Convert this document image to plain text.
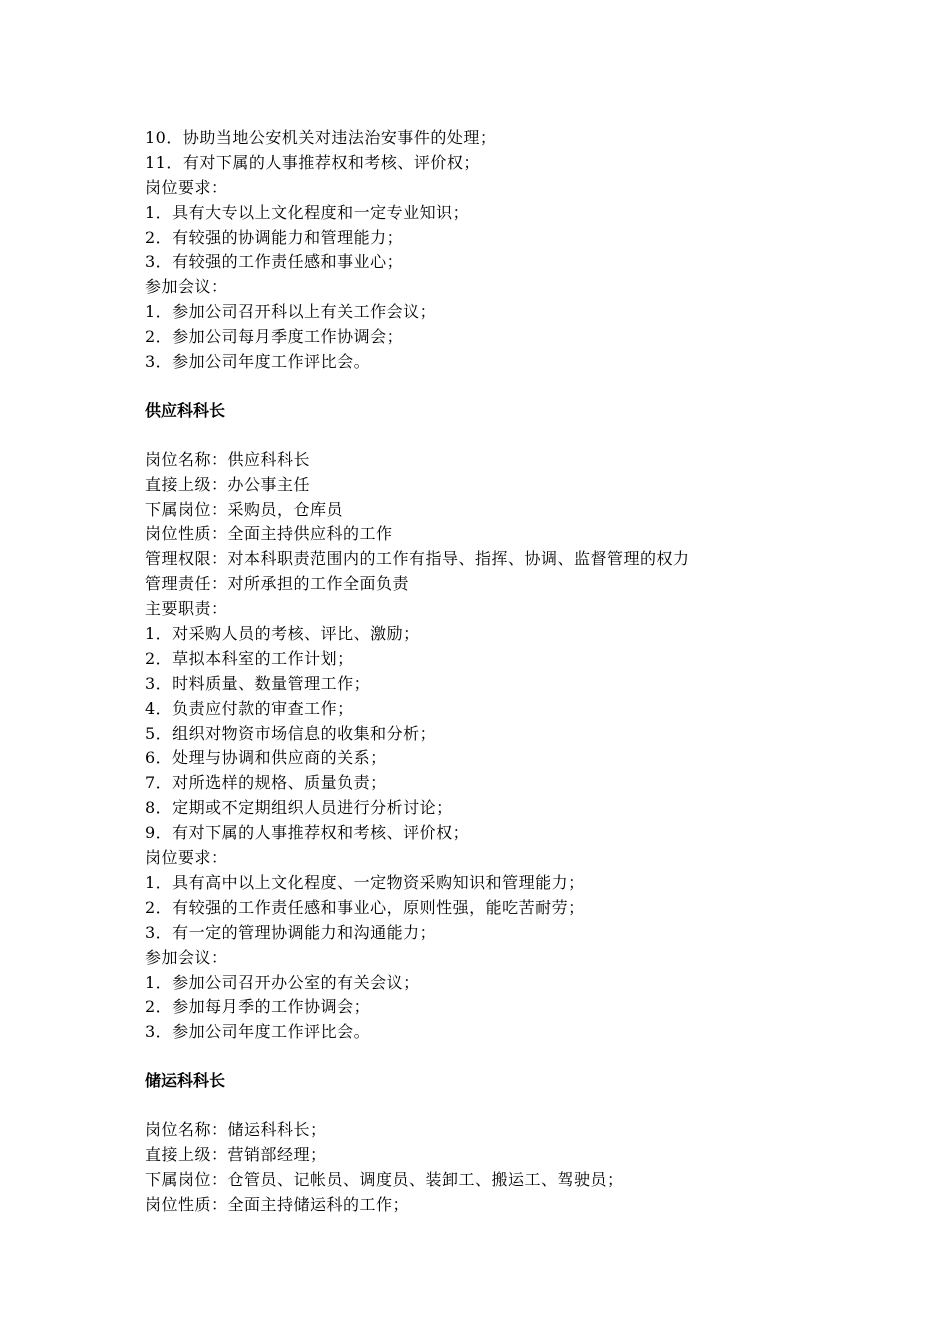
10．协助当地公安机关对违法治安事件的处理；
11．有对下属的人事推荐权和考核、评价权；
岗位要求：
1．具有大专以上文化程度和一定专业知识；
2．有较强的协调能力和管理能力；
3．有较强的工作责任感和事业心；
参加会议：
1．参加公司召开科以上有关工作会议；
2．参加公司每月季度工作协调会；
3．参加公司年度工作评比会。
供应科科长
岗位名称：供应科科长
直接上级：办公事主任
下属岗位：采购员，仓库员
岗位性质：全面主持供应科的工作
管理权限：对本科职责范围内的工作有指导、指挥、协调、监督管理的权力
管理责任：对所承担的工作全面负责
主要职责：
1．对采购人员的考核、评比、激励；
2．草拟本科室的工作计划；
3．时料质量、数量管理工作；
4．负责应付款的审查工作；
5．组织对物资市场信息的收集和分析；
6．处理与协调和供应商的关系；
7．对所选样的规格、质量负责；
8．定期或不定期组织人员进行分析讨论；
9．有对下属的人事推荐权和考核、评价权；
岗位要求：
1．具有高中以上文化程度、一定物资采购知识和管理能力；
2．有较强的工作责任感和事业心，原则性强，能吃苦耐劳；
3．有一定的管理协调能力和沟通能力；
参加会议：
1．参加公司召开办公室的有关会议；
2．参加每月季的工作协调会；
3．参加公司年度工作评比会。
储运科科长
岗位名称：储运科科长；
直接上级：营销部经理；
下属岗位：仓管员、记帐员、调度员、装卸工、搬运工、驾驶员；
岗位性质：全面主持储运科的工作；
